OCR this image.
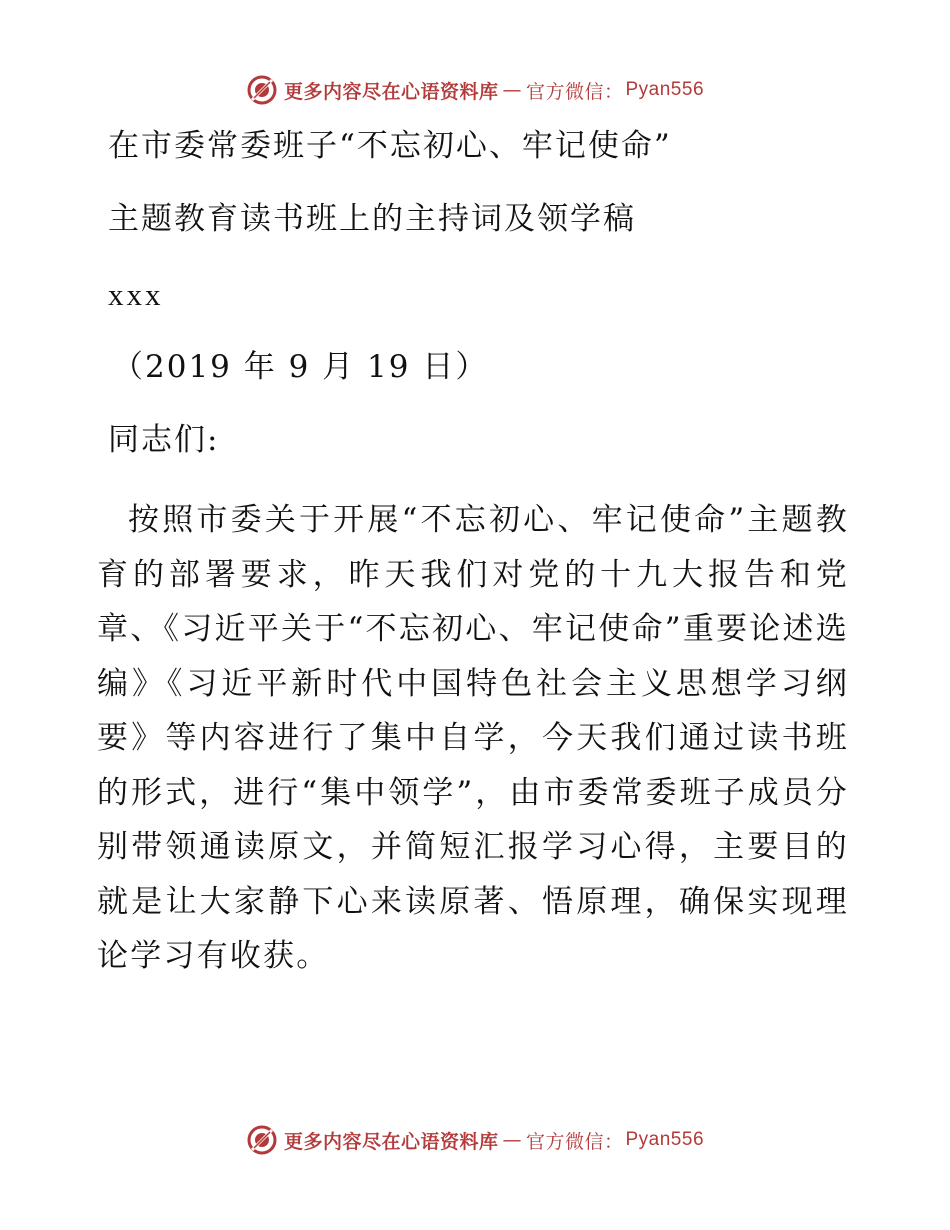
更多内容尽在心语资料库 — 官方微信： Pyan556
在市委常委班子“不忘初心、牢记使命”
主题教育读书班上的主持词及领学稿
xxx
（2019 年 9 月 19 日）
同志们:
按照市委关于开展“不忘初心、牢记使命”主题教育的部署要求，昨天我们对党的十九大报告和党章、《习近平关于“不忘初心、牢记使命”重要论述选编》《习近平新时代中国特色社会主义思想学习纲要》等内容进行了集中自学，今天我们通过读书班的形式，进行“集中领学”，由市委常委班子成员分别带领通读原文，并简短汇报学习心得，主要目的就是让大家静下心来读原著、悟原理，确保实现理论学习有收获。
更多内容尽在心语资料库 — 官方微信： Pyan556
